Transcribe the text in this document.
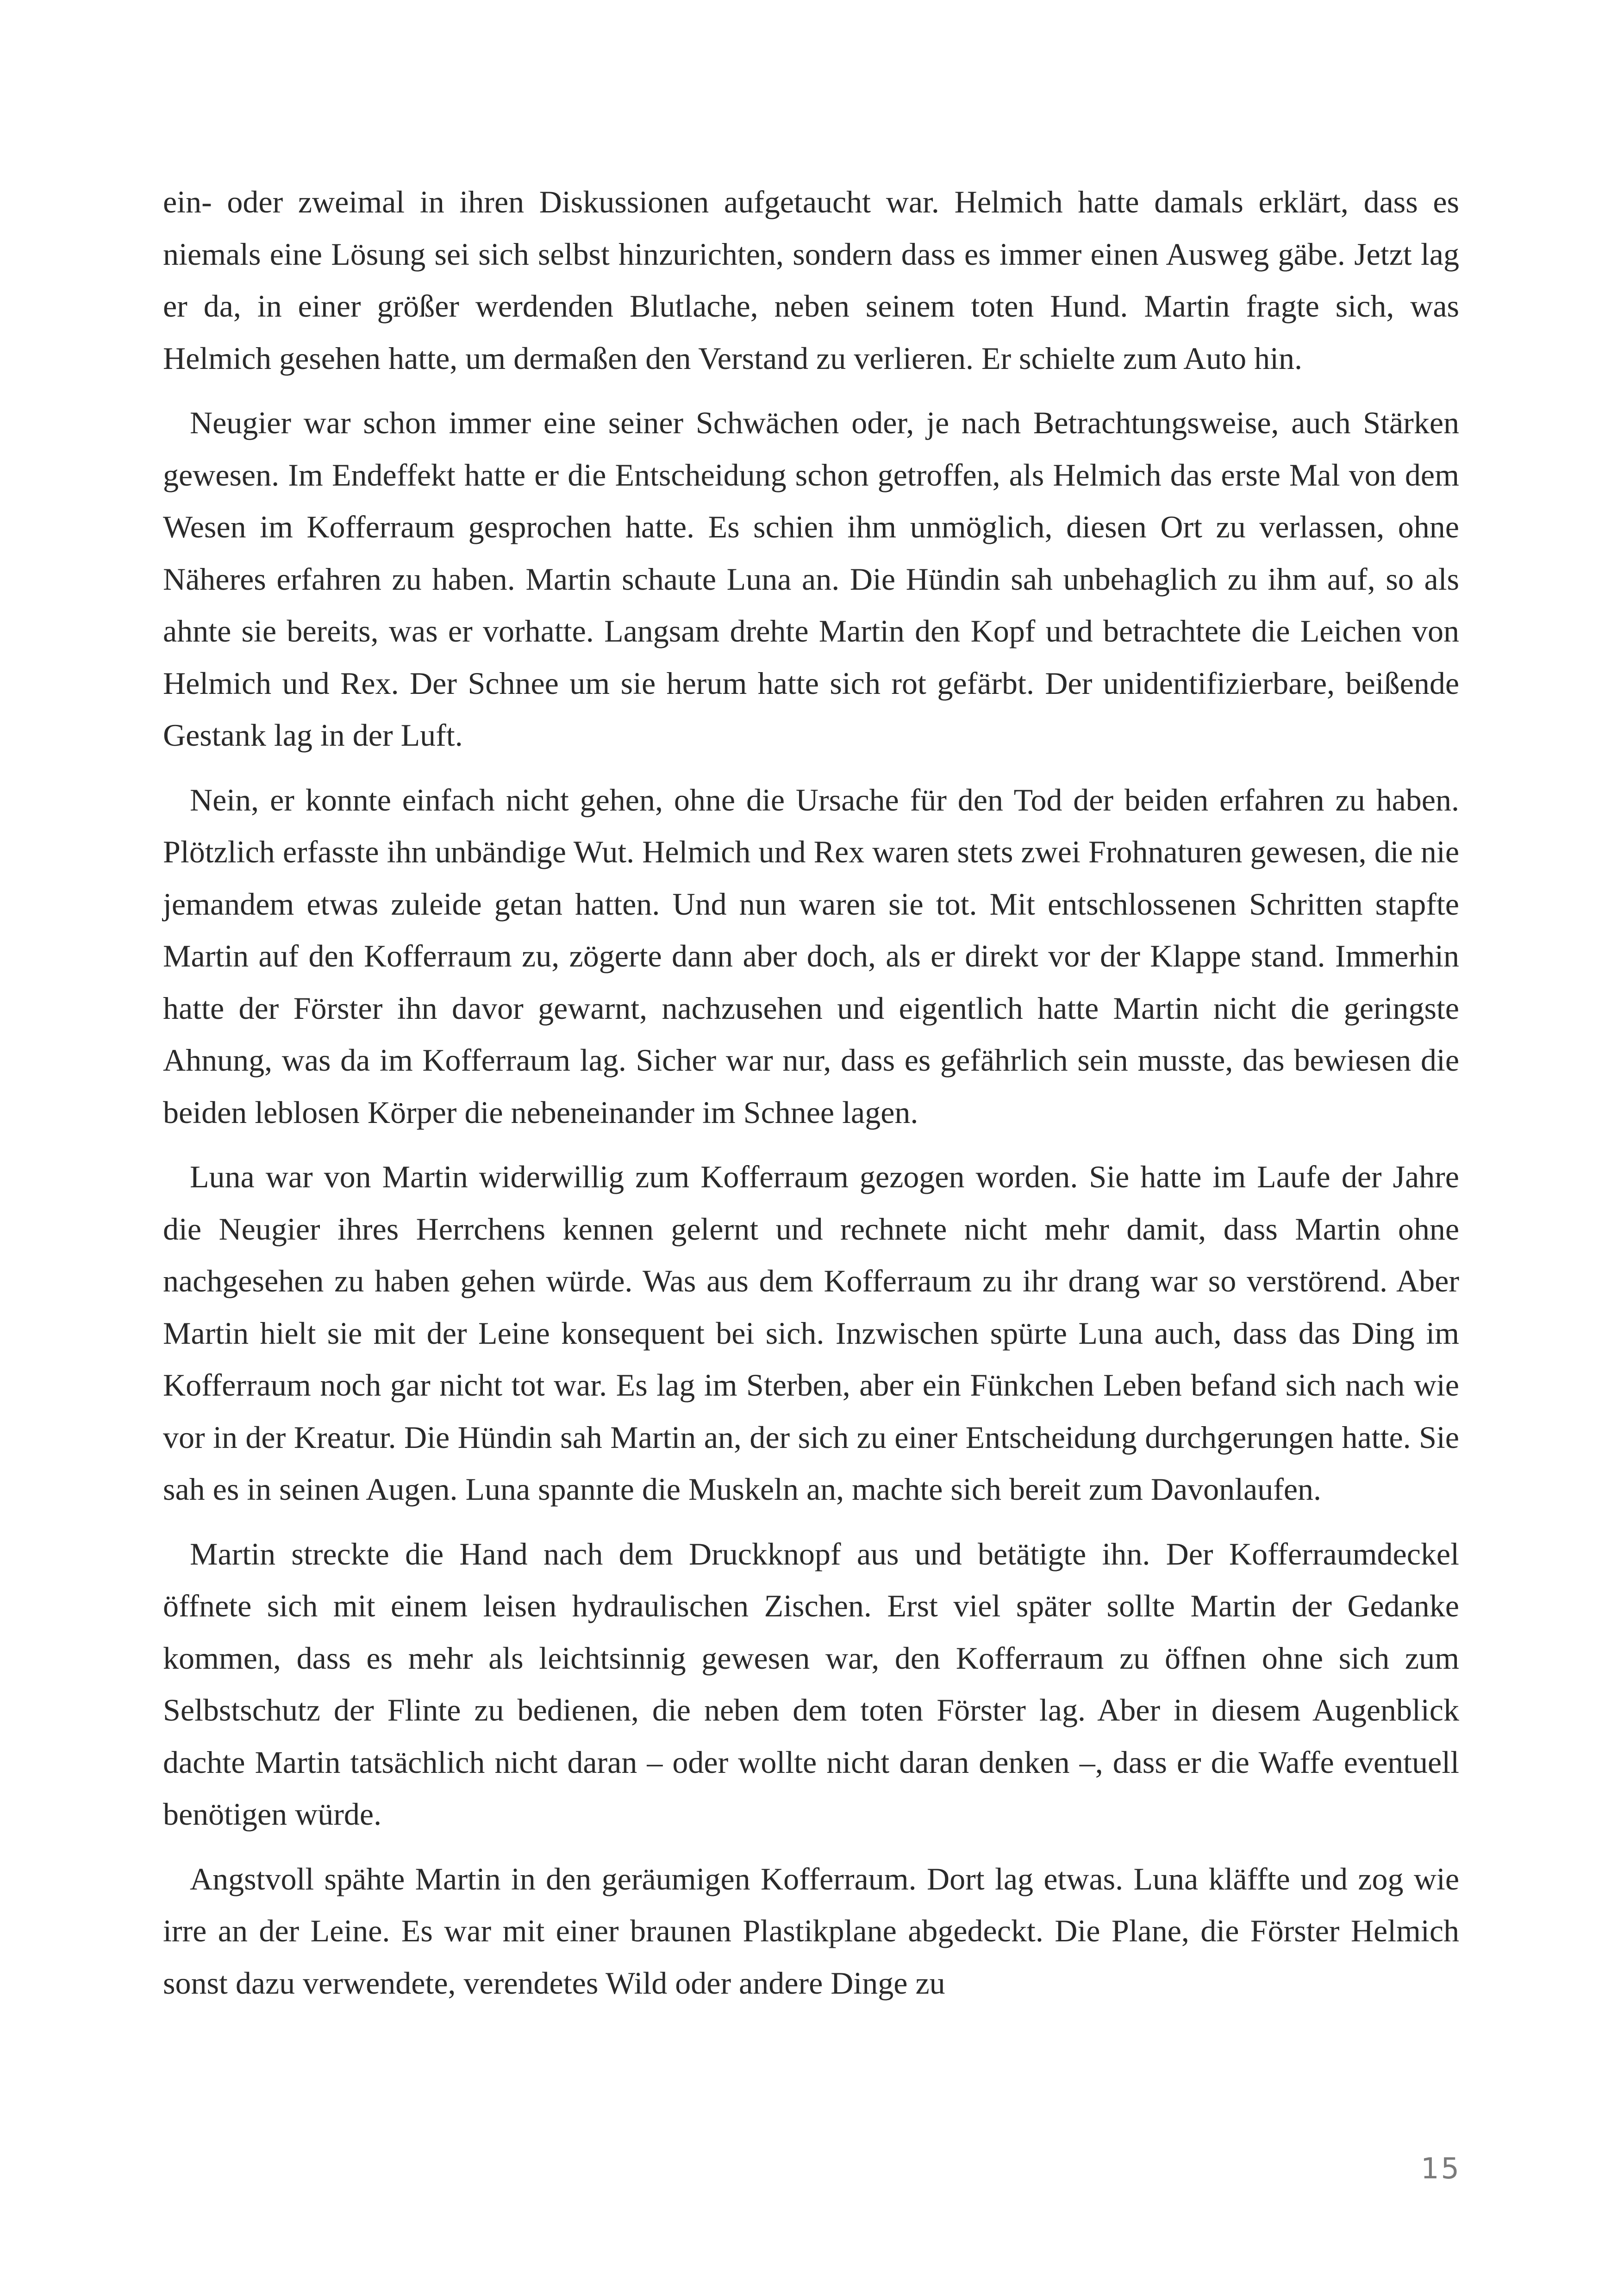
ein- oder zweimal in ihren Diskussionen aufgetaucht war. Helmich hatte damals erklärt, dass es niemals eine Lösung sei sich selbst hinzurichten, sondern dass es immer einen Ausweg gäbe. Jetzt lag er da, in einer größer werdenden Blutlache, neben seinem toten Hund. Martin fragte sich, was Helmich gesehen hatte, um dermaßen den Verstand zu verlieren. Er schielte zum Auto hin.

Neugier war schon immer eine seiner Schwächen oder, je nach Betrachtungsweise, auch Stärken gewesen. Im Endeffekt hatte er die Entscheidung schon getroffen, als Helmich das erste Mal von dem Wesen im Kofferraum gesprochen hatte. Es schien ihm unmöglich, diesen Ort zu verlassen, ohne Näheres erfahren zu haben. Martin schaute Luna an. Die Hündin sah unbehaglich zu ihm auf, so als ahnte sie bereits, was er vorhatte. Langsam drehte Martin den Kopf und betrachtete die Leichen von Helmich und Rex. Der Schnee um sie herum hatte sich rot gefärbt. Der unidentifizierbare, beißende Gestank lag in der Luft.

Nein, er konnte einfach nicht gehen, ohne die Ursache für den Tod der beiden erfahren zu haben. Plötzlich erfasste ihn unbändige Wut. Helmich und Rex waren stets zwei Frohnaturen gewesen, die nie jemandem etwas zuleide getan hatten. Und nun waren sie tot. Mit entschlossenen Schritten stapfte Martin auf den Kofferraum zu, zögerte dann aber doch, als er direkt vor der Klappe stand. Immerhin hatte der Förster ihn davor gewarnt, nachzusehen und eigentlich hatte Martin nicht die geringste Ahnung, was da im Kofferraum lag. Sicher war nur, dass es gefährlich sein musste, das bewiesen die beiden leblosen Körper die nebeneinander im Schnee lagen.

Luna war von Martin widerwillig zum Kofferraum gezogen worden. Sie hatte im Laufe der Jahre die Neugier ihres Herrchens kennen gelernt und rechnete nicht mehr damit, dass Martin ohne nachgesehen zu haben gehen würde. Was aus dem Kofferraum zu ihr drang war so verstörend. Aber Martin hielt sie mit der Leine konsequent bei sich. Inzwischen spürte Luna auch, dass das Ding im Kofferraum noch gar nicht tot war. Es lag im Sterben, aber ein Fünkchen Leben befand sich nach wie vor in der Kreatur. Die Hündin sah Martin an, der sich zu einer Entscheidung durchgerungen hatte. Sie sah es in seinen Augen. Luna spannte die Muskeln an, machte sich bereit zum Davonlaufen.

Martin streckte die Hand nach dem Druckknopf aus und betätigte ihn. Der Kofferraumdeckel öffnete sich mit einem leisen hydraulischen Zischen. Erst viel später sollte Martin der Gedanke kommen, dass es mehr als leichtsinnig gewesen war, den Kofferraum zu öffnen ohne sich zum Selbstschutz der Flinte zu bedienen, die neben dem toten Förster lag. Aber in diesem Augenblick dachte Martin tatsächlich nicht daran – oder wollte nicht daran denken –, dass er die Waffe eventuell benötigen würde.

Angstvoll spähte Martin in den geräumigen Kofferraum. Dort lag etwas. Luna kläffte und zog wie irre an der Leine. Es war mit einer braunen Plastikplane abgedeckt. Die Plane, die Förster Helmich sonst dazu verwendete, verendetes Wild oder andere Dinge zu

15
